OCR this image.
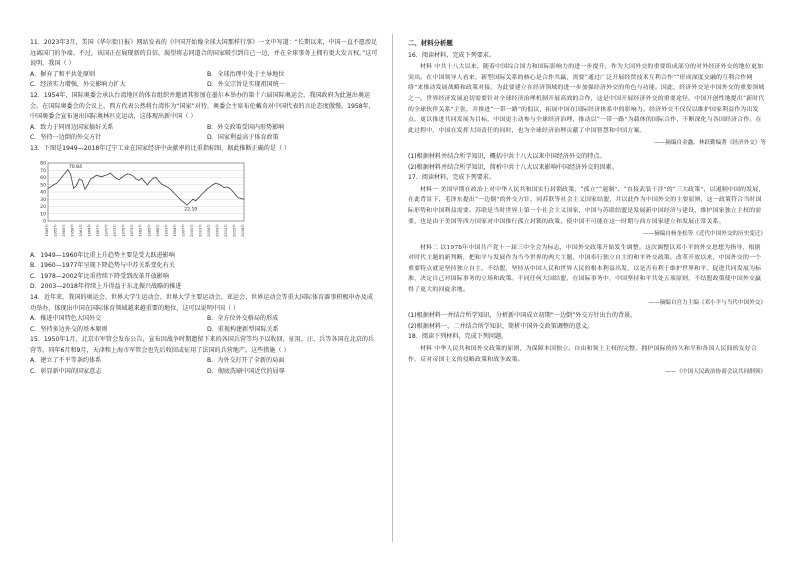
11．2023年3月，美国《华尔街日报》网站发表的《中国开始像全球大国那样行事》一文中写道：“长期以来，中国一直不愿涉足远离国门的争端。不过，该国正在展现新的自信，渴望将志同道合的国家吸引到自己一边，并在全球事务上拥有更大发言权。”这可说明，我国（ ）

A．摒弃了和平共处原则	B．全球治理中处于主导地位
C．经济实力增强，外交影响力扩大	D．外交宗旨是实现祖国统一

12．1954年，国际奥委会承认台湾地区的体育组织并邀请其参加在墨尔本举办的第十六届国际奥运会，我国政府为此退出奥运会。在国际奥委会的会议上，西方代表公然将台湾作为“国家”对待，奥委会主席布伦戴奇对中国代表的言论态度傲慢。1958年，中国奥委会宣布退出国际奥林匹克运动，这体现出新中国（ ）

A．致力于同周边国家搞好关系	B．外交政策受国内形势影响
C．坚持一边倒的外交方针	D．国家利益高于体育政策

13．下图是1949—2018年辽宁工业在国家经济中贡献率的比重指标图，据此推断正确的是（ ）

0
10
20
30
40
50
60
70
80
1949年 1952年 1955年 1958年 1961年 1964年 1967年 1970年 1973年 1976年 1979年 1982年 1985年 1988年 1991年 1994年 1997年 2000年 2003年 2006年 2009年 2012年 2015年 2018年
70.84
22.10
A．1949—1960年比重上升趋势主要是受大跃进影响
B．1960—1977年呈现下降趋势与中苏关系变化有关
C．1978—2002年比重持续下降受到改革开放影响
D．2003—2018年持续上升得益于东北振兴战略的推进

14．近年来，我国的奥运会、世界大学生运动会、世界大学主要运动会、亚运会、世界运动会等重大国际体育赛事积极申办及成功举办，体现出中国在国际体育领域越来越重要的地位，这可以说明中国（ ）

A．推进中国特色大国外交	B．全方位外交格局的形成
C．坚持多边外交的基本原则	D．重视构建新型国际关系

15．1950年1月，北京市军管会发布公告，宣布因战争时期遗留下来的各国兵营等均予以收回、征用，汪、兵等各国在北京的兵营等，同年6月和9月，天津和上海市军管会也先后收回或征用了法国的兵营地产。这些措施（ ）

A．建立了不平等条约体系	B．为外交打开了全新的局面
C．彰显新中国的国家意志	D．彻底洗刷中国近代的屈辱
二、材料分析题

16．阅读材料，完成下列要求。

材料 中共十八大以来，随着中国综合国力和国际影响力的进一步提升，作为大国外交的重要组成部分的对外经济外交的地位更加突出。在中国领导人看来，新型国际关系的核心是合作共赢，需要“通过广泛开展经贸技术互利合作”“形成深度交融的互利合作网络”来推动发展战略和政策对接。为此要建立在经济领域的进一步加强经济外交的角色与功能。因此，经济外交是中国外交的重要领域之一。世界经济发展迫切需要针对全球经济治理机制开展高效的合作，这是中国开展经济外交的重要途径。中国开创性地提出“新时代的全球伙伴关系”主张，并推进“一带一路”的倡议，拓展中国在国际经济体系中的影响力。经济外交不仅仅以维护国家利益作为出发点，更以推进共同发展为目标，中国更主动参与全球经济治理，推动以“一带一路”为载体的国际合作，不断深化与各国经济合作。在此过程中，中国在发挥大国责任的同时，也为全球经济治理贡献了中国智慧和中国方案。

——摘编自金鑫、林跃勤编著《经济外交》等

(1)根据材料并结合所学知识，概括中共十八大以来中国经济外交的特点。

(2)根据材料并结合所学知识，简析中共十八大以来影响中国经济外交的因素。

17．阅读材料，完成下列要求。

材料一 美国早期在政治上对中华人民共和国实行封锁政策，“孤立”“遏制”、“直接武装干涉”的“三大政策”，以遏制中国的发展，在此背景下，毛泽东提出“一边倒”的外交方针，同苏联等社会主义国家结盟，并以此作为中国外交的主要原则，这一政策符合当时国际形势和中国利益需要。苏联是当时世界上第一个社会主义国家，中国与苏联结盟是发展新中国经济与建设、维护国家独立主权的需要，也是由于美国等西方国家对中国推行孤立封锁的政策，使中国不可能在这一时期与西方国家建立和发展正常关系。

——摘编自杨奎松等《近代中国外交的历史变迁》

材料二 以1978年中国共产党十一届三中全会为标志，中国外交政策开始发生调整。这次调整以邓小平的外交思想为指导，根据对时代主题的新判断，把和平与发展作为当今世界的两大主题，中国奉行独立自主的和平外交政策。改革开放以来，中国外交的一个重要特点就是坚持独立自主、不结盟，坚持从中国人民和世界人民的根本利益出发，以是否有利于维护世界和平、促进共同发展为标准，决定自己对国际事务的立场和政策。不同任何大国结盟，在国际事务中，中国坚持和平共处五项原则，不结盟政策使中国外交赢得了更大的回旋余地。

——摘编自宫力主编《邓小平与当代中国外交》

(1)根据材料一并结合所学知识，分析新中国成立初期“一边倒”外交方针出台的背景。

(2)根据材料一、二并结合所学知识，简析中国外交政策调整的意义。

18．阅读下列材料，完成下列问题。

材料 中华人民共和国外交政策的原则，为保障本国独立、自由和领土主权的完整，拥护国际的持久和平和各国人民间的友好合作，反对帝国主义的侵略政策和战争政策。

——《中国人民政治协商会议共同纲领》
